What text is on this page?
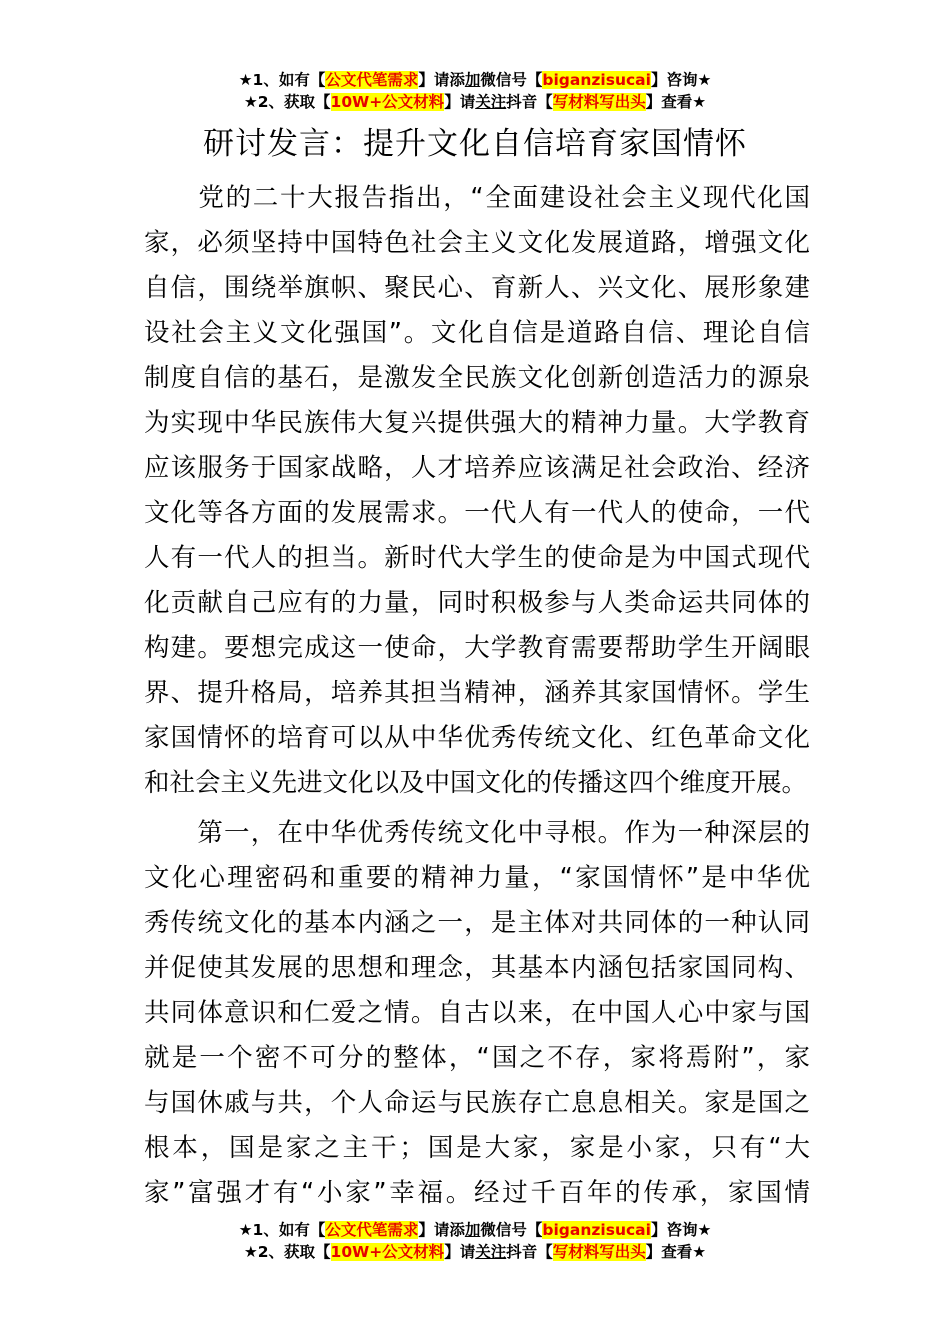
★1、如有【公文代笔需求】请添加微信号【biganzisucai】咨询★
★2、获取【10W+公文材料】请关注抖音【写材料写出头】查看★
研讨发言：提升文化自信培育家国情怀
　　党的二十大报告指出，“全面建设社会主义现代化国
家，必须坚持中国特色社会主义文化发展道路，增强文化
自信，围绕举旗帜、聚民心、育新人、兴文化、展形象建
设社会主义文化强国”。文化自信是道路自信、理论自信
制度自信的基石，是激发全民族文化创新创造活力的源泉
为实现中华民族伟大复兴提供强大的精神力量。大学教育
应该服务于国家战略，人才培养应该满足社会政治、经济
文化等各方面的发展需求。一代人有一代人的使命，一代
人有一代人的担当。新时代大学生的使命是为中国式现代
化贡献自己应有的力量，同时积极参与人类命运共同体的
构建。要想完成这一使命，大学教育需要帮助学生开阔眼
界、提升格局，培养其担当精神，涵养其家国情怀。学生
家国情怀的培育可以从中华优秀传统文化、红色革命文化
和社会主义先进文化以及中国文化的传播这四个维度开展。
　　第一，在中华优秀传统文化中寻根。作为一种深层的
文化心理密码和重要的精神力量，“家国情怀”是中华优
秀传统文化的基本内涵之一，是主体对共同体的一种认同
并促使其发展的思想和理念，其基本内涵包括家国同构、
共同体意识和仁爱之情。自古以来，在中国人心中家与国
就是一个密不可分的整体，“国之不存，家将焉附”，家
与国休戚与共，个人命运与民族存亡息息相关。家是国之
根本，国是家之主干；国是大家，家是小家，只有“大
家”富强才有“小家”幸福。经过千百年的传承，家国情
★1、如有【公文代笔需求】请添加微信号【biganzisucai】咨询★
★2、获取【10W+公文材料】请关注抖音【写材料写出头】查看★
